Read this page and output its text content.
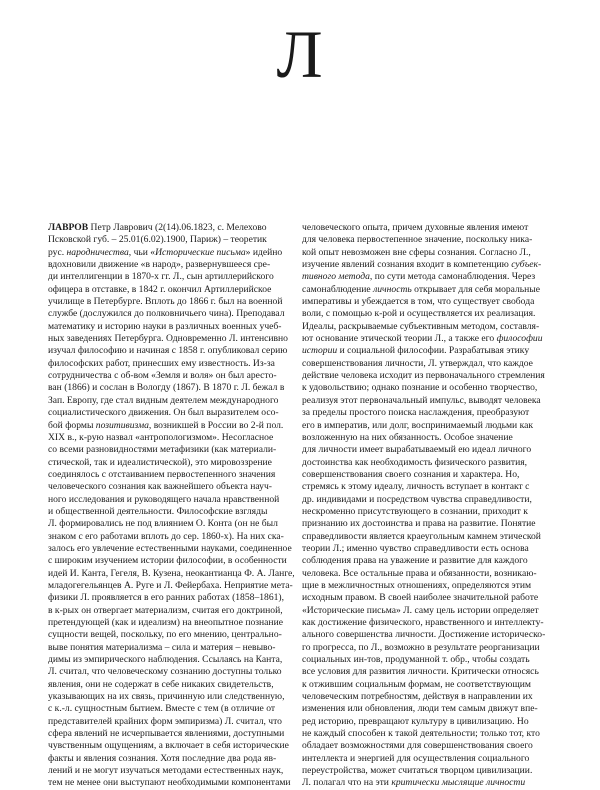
Л
ЛАВРОВ Петр Лаврович (2(14).06.1823, с. Мелехово
Псковской губ. – 25.01(6.02).1900, Париж) – теоретик
рус. народничества, чьи «Исторические письма» идейно
вдохновили движение «в народ», развернувшееся сре-
ди интеллигенции в 1870-х гг. Л., сын артиллерийского
офицера в отставке, в 1842 г. окончил Артиллерийское
училище в Петербурге. Вплоть до 1866 г. был на военной
службе (дослужился до полковничьего чина). Преподавал
математику и историю науки в различных военных учеб-
ных заведениях Петербурга. Одновременно Л. интенсивно
изучал философию и начиная с 1858 г. опубликовал серию
философских работ, принесших ему известность. Из-за
сотрудничества с об-вом «Земля и воля» он был арестo-
ван (1866) и сослан в Вологду (1867). В 1870 г. Л. бежал в
Зап. Европу, где стал видным деятелем международного
социалистического движения. Он был выразителем осо-
бой формы позитивизма, возникшей в России во 2-й пол.
XIX в., к-рую назвал «антропологизмом». Несогласное
со всеми разновидностями метафизики (как материали-
стической, так и идеалистической), это мировоззрение
соединялось с отстаиванием первостепенного значения
человеческого сознания как важнейшего объекта науч-
ного исследования и руководящего начала нравственной
и общественной деятельности. Философские взгляды
Л. формировались не под влиянием О. Конта (он не был
знаком с его работами вплоть до сер. 1860-х). На них ска-
залось его увлечение естественными науками, соединенное
с широким изучением истории философии, в особенности
идей И. Канта, Гегеля, В. Кузена, неокантианца Ф. А. Ланге,
младогегельянцев А. Руге и Л. Фейербаха. Неприятие мета-
физики Л. проявляется в его ранних работах (1858–1861),
в к-рых он отвергает материализм, считая его доктриной,
претендующей (как и идеализм) на внеопытное познание
сущности вещей, поскольку, по его мнению, центрально-
выве понятия материализма – сила и материя – невыво-
димы из эмпирического наблюдения. Ссылаясь на Канта,
Л. считал, что человеческому сознанию доступны только
явления, они не содержат в себе никаких свидетельств,
указывающих на их связь, причинную или следственную,
с к.-л. сущностным бытием. Вместе с тем (в отличие от
представителей крайних форм эмпиризма) Л. считал, что
сфера явлений не исчерпывается явлениями, доступными
чувственным ощущениям, а включает в себя исторические
факты и явления сознания. Хотя последние два рода яв-
лений и не могут изучаться методами естественных наук,
тем не менее они выступают необходимыми компонентами
человеческого опыта, причем духовные явления имеют
для человека первостепенное значение, поскольку ника-
кой опыт невозможен вне сферы сознания. Согласно Л.,
изучение явлений сознания входит в компетенцию субъек-
тивного метода, по сути метода самонаблюдения. Через
самонаблюдение личность открывает для себя моральные
императивы и убеждается в том, что существует свобода
воли, с помощью к-рой и осуществляется их реализация.
Идеалы, раскрываемые субъективным методом, составля-
ют основание этической теории Л., а также его философии
истории и социальной философии. Разрабатывая этику
совершенствования личности, Л. утверждал, что каждое
действие человека исходит из первоначального стремления
к удовольствию; однако познание и особенно творчество,
реализуя этот первоначальный импульс, выводят человека
за пределы простого поиска наслаждения, преобразуют
его в императив, или долг, воспринимаемый людьми как
возложенную на них обязанность. Особое значение
для личности имеет вырабатываемый ею идеал личного
достоинства как необходимость физического развития,
совершенствования своего сознания и характера. Но,
стремясь к этому идеалу, личность вступает в контакт с
др. индивидами и посредством чувства справедливости,
нескроменно присутствующего в сознании, приходит к
признанию их достоинства и права на развитие. Понятие
справедливости является краеугольным камнем этической
теории Л.; именно чувство справедливости есть основа
соблюдения права на уважение и развитие для каждого
человека. Все остальные права и обязанности, возникаю-
щие в межличностных отношениях, определяются этим
исходным правом. В своей наиболее значительной работе
«Исторические письма» Л. саму цель истории определяет
как достижение физического, нравственного и интеллекту-
ального совершенства личности. Достижение историческо-
го прогресса, по Л., возможно в результате реорганизации
социальных ин-тов, продуманной т. обр., чтобы создать
все условия для развития личности. Критически относясь
к отжившим социальным формам, не соответствующим
человеческим потребностям, действуя в направлении их
изменения или обновления, люди тем самым движут впе-
ред историю, превращают культуру в цивилизацию. Но
не каждый способен к такой деятельности; только тот, кто
обладает возможностями для совершенствования своего
интеллекта и энергией для осуществления социального
переустройства, может считаться творцом цивилизации.
Л. полагал что на эти критически мыслящие личности
